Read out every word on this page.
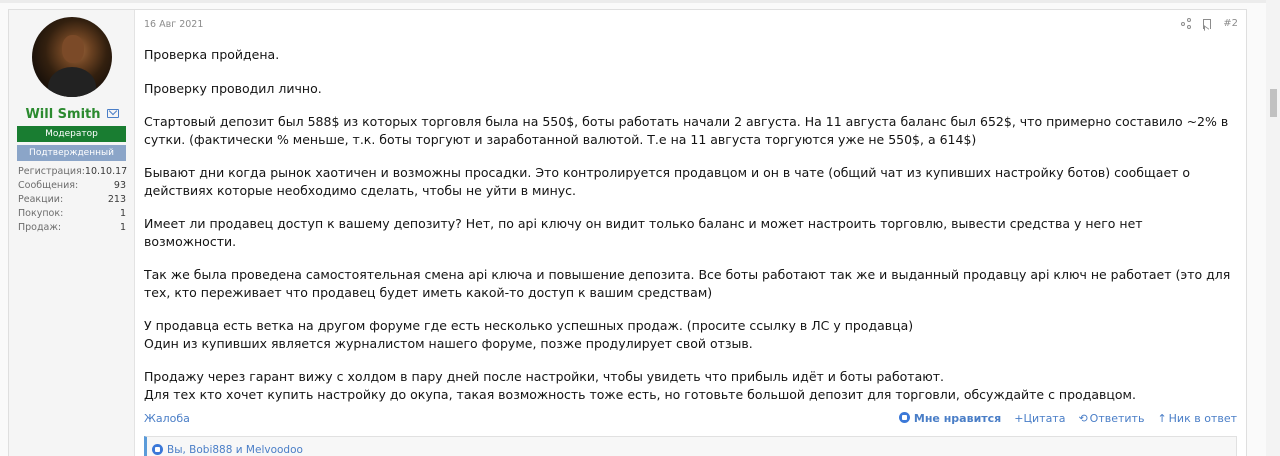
Will Smith
Модератор
Подтвержденный
Регистрация: 10.10.17
Сообщения:	93
Реакции:	213
Покупок:	1
Продаж:	1
16 Авг 2021	#2

Проверка пройдена.

Проверку проводил лично.

Стартовый депозит был 588$ из которых торговля была на 550$, боты работать начали 2 августа. На 11 августа баланс был 652$, что примерно составило ~2% в сутки. (фактически % меньше, т.к. боты торгуют и заработанной валютой. Т.е на 11 августа торгуются уже не 550$, а 614$)

Бывают дни когда рынок хаотичен и возможны просадки. Это контролируется продавцом и он в чате (общий чат из купивших настройку ботов) сообщает о действиях которые необходимо сделать, чтобы не уйти в минус.

Имеет ли продавец доступ к вашему депозиту? Нет, по api ключу он видит только баланс и может настроить торговлю, вывести средства у него нет возможности.

Так же была проведена самостоятельная смена api ключа и повышение депозита. Все боты работают так же и выданный продавцу api ключ не работает (это для тех, кто переживает что продавец будет иметь какой-то доступ к вашим средствам)

У продавца есть ветка на другом форуме где есть несколько успешных продаж. (просите ссылку в ЛС у продавца)

Один из купивших является журналистом нашего форуме, позже продулирует свой отзыв.

Продажу через гарант вижу с холдом в пару дней после настройки, чтобы увидеть что прибыль идёт и боты работают.

Для тех кто хочет купить настройку до окупа, такая возможность тоже есть, но готовьте большой депозит для торговли, обсуждайте с продавцом.

Жалоба	Мне нравится +Цитата ⟲ Ответить ↑ Ник в ответ
Вы, Bobi888 и Melvoodoo
